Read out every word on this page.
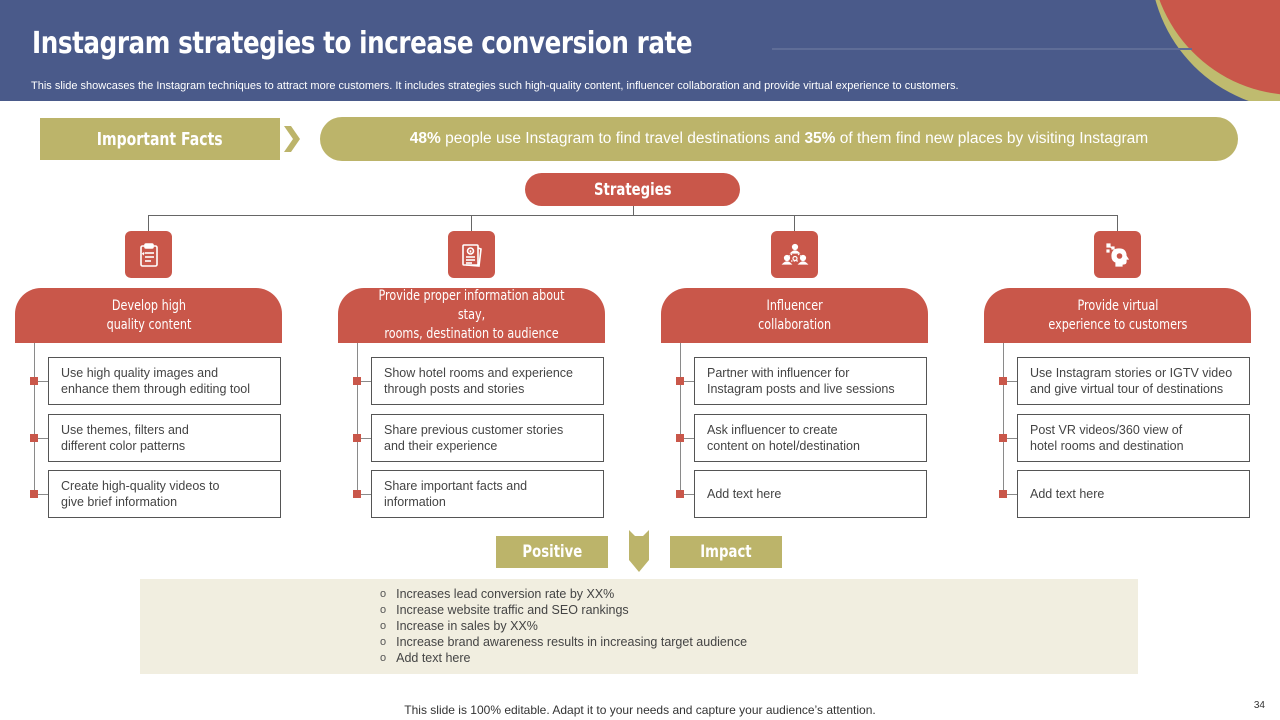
Instagram strategies to increase conversion rate
This slide showcases the Instagram techniques to attract more customers. It includes strategies such high-quality content, influencer collaboration and provide virtual experience to customers.
Important Facts	48% people use Instagram to find travel destinations and 35% of them find new places by visiting Instagram
Strategies
Develop high
quality content
Use high quality images and
enhance them through editing tool
Use themes, filters and
different color patterns
Create high-quality videos to
give brief information
Provide proper information about stay,
rooms, destination to audience
Show hotel rooms and experience
through posts and stories
Share previous customer stories
and their experience
Share important facts and
information
Influencer
collaboration
Partner with influencer for
Instagram posts and live sessions
Ask influencer to create
content on hotel/destination
Add text here
Provide virtual
experience to customers
Use Instagram stories or IGTV video
and give virtual tour of destinations
Post VR videos/360 view of
hotel rooms and destination
Add text here
Positive	Impact
o Increases lead conversion rate by XX%
o Increase website traffic and SEO rankings
o Increase in sales by XX%
o Increase brand awareness results in increasing target audience
o Add text here
This slide is 100% editable. Adapt it to your needs and capture your audience’s attention.	34
